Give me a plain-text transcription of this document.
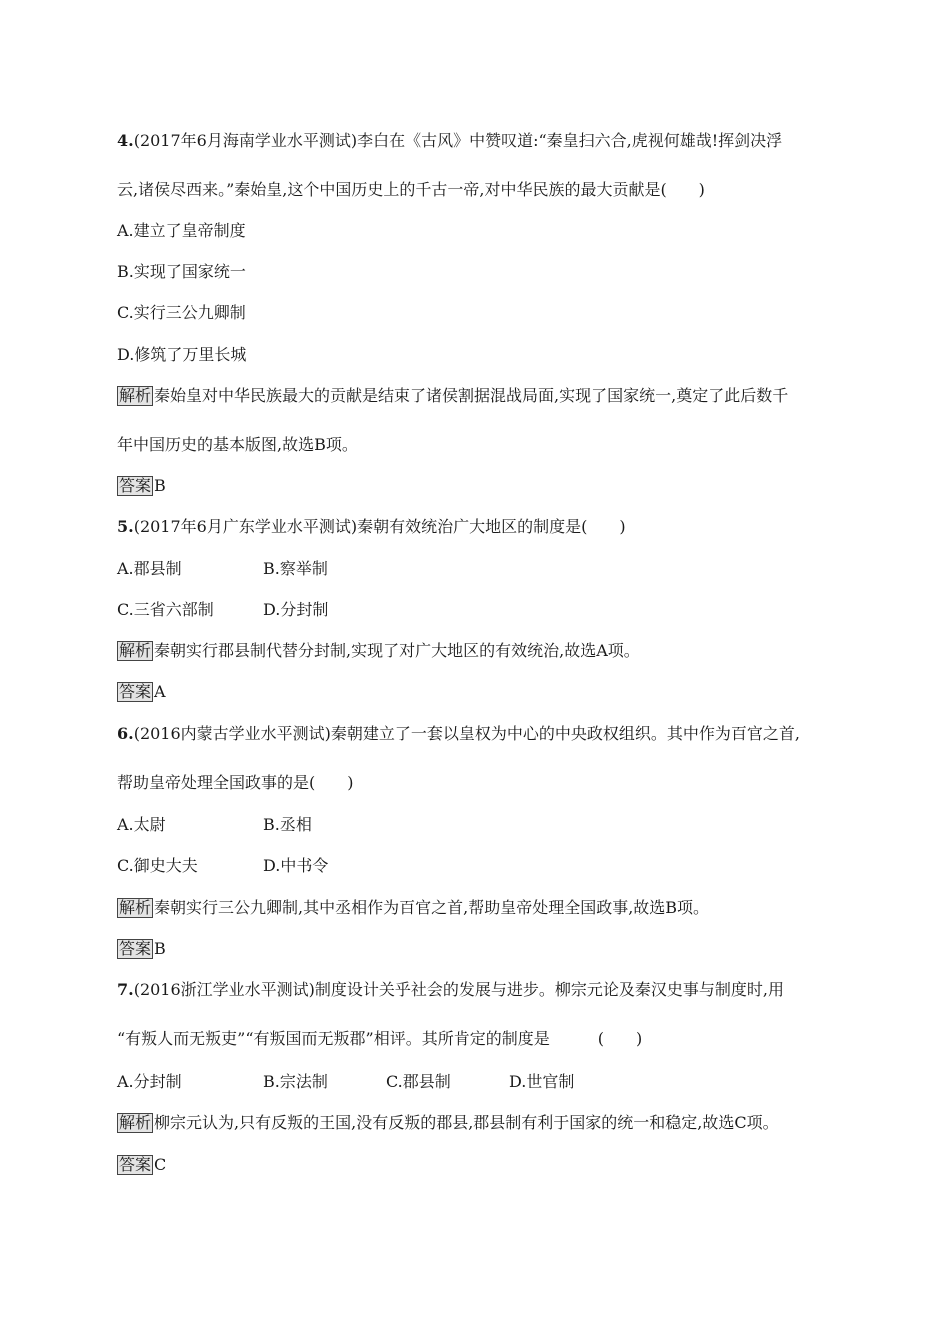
4.(2017年6月海南学业水平测试)李白在《古风》中赞叹道:“秦皇扫六合,虎视何雄哉!挥剑决浮
云,诸侯尽西来。”秦始皇,这个中国历史上的千古一帝,对中华民族的最大贡献是(　　)
A.建立了皇帝制度
B.实现了国家统一
C.实行三公九卿制
D.修筑了万里长城
解析 秦始皇对中华民族最大的贡献是结束了诸侯割据混战局面,实现了国家统一,奠定了此后数千
年中国历史的基本版图,故选B项。
答案 B
5.(2017年6月广东学业水平测试)秦朝有效统治广大地区的制度是(　　)
A.郡县制	B.察举制
C.三省六部制	D.分封制
解析 秦朝实行郡县制代替分封制,实现了对广大地区的有效统治,故选A项。
答案 A
6.(2016内蒙古学业水平测试)秦朝建立了一套以皇权为中心的中央政权组织。其中作为百官之首,
帮助皇帝处理全国政事的是(　　)
A.太尉	B.丞相
C.御史大夫	D.中书令
解析 秦朝实行三公九卿制,其中丞相作为百官之首,帮助皇帝处理全国政事,故选B项。
答案 B
7.(2016浙江学业水平测试)制度设计关乎社会的发展与进步。柳宗元论及秦汉史事与制度时,用
“有叛人而无叛吏”“有叛国而无叛郡”相评。其所肯定的制度是　　　(　　)
A.分封制	B.宗法制	C.郡县制	D.世官制
解析 柳宗元认为,只有反叛的王国,没有反叛的郡县,郡县制有利于国家的统一和稳定,故选C项。
答案 C
